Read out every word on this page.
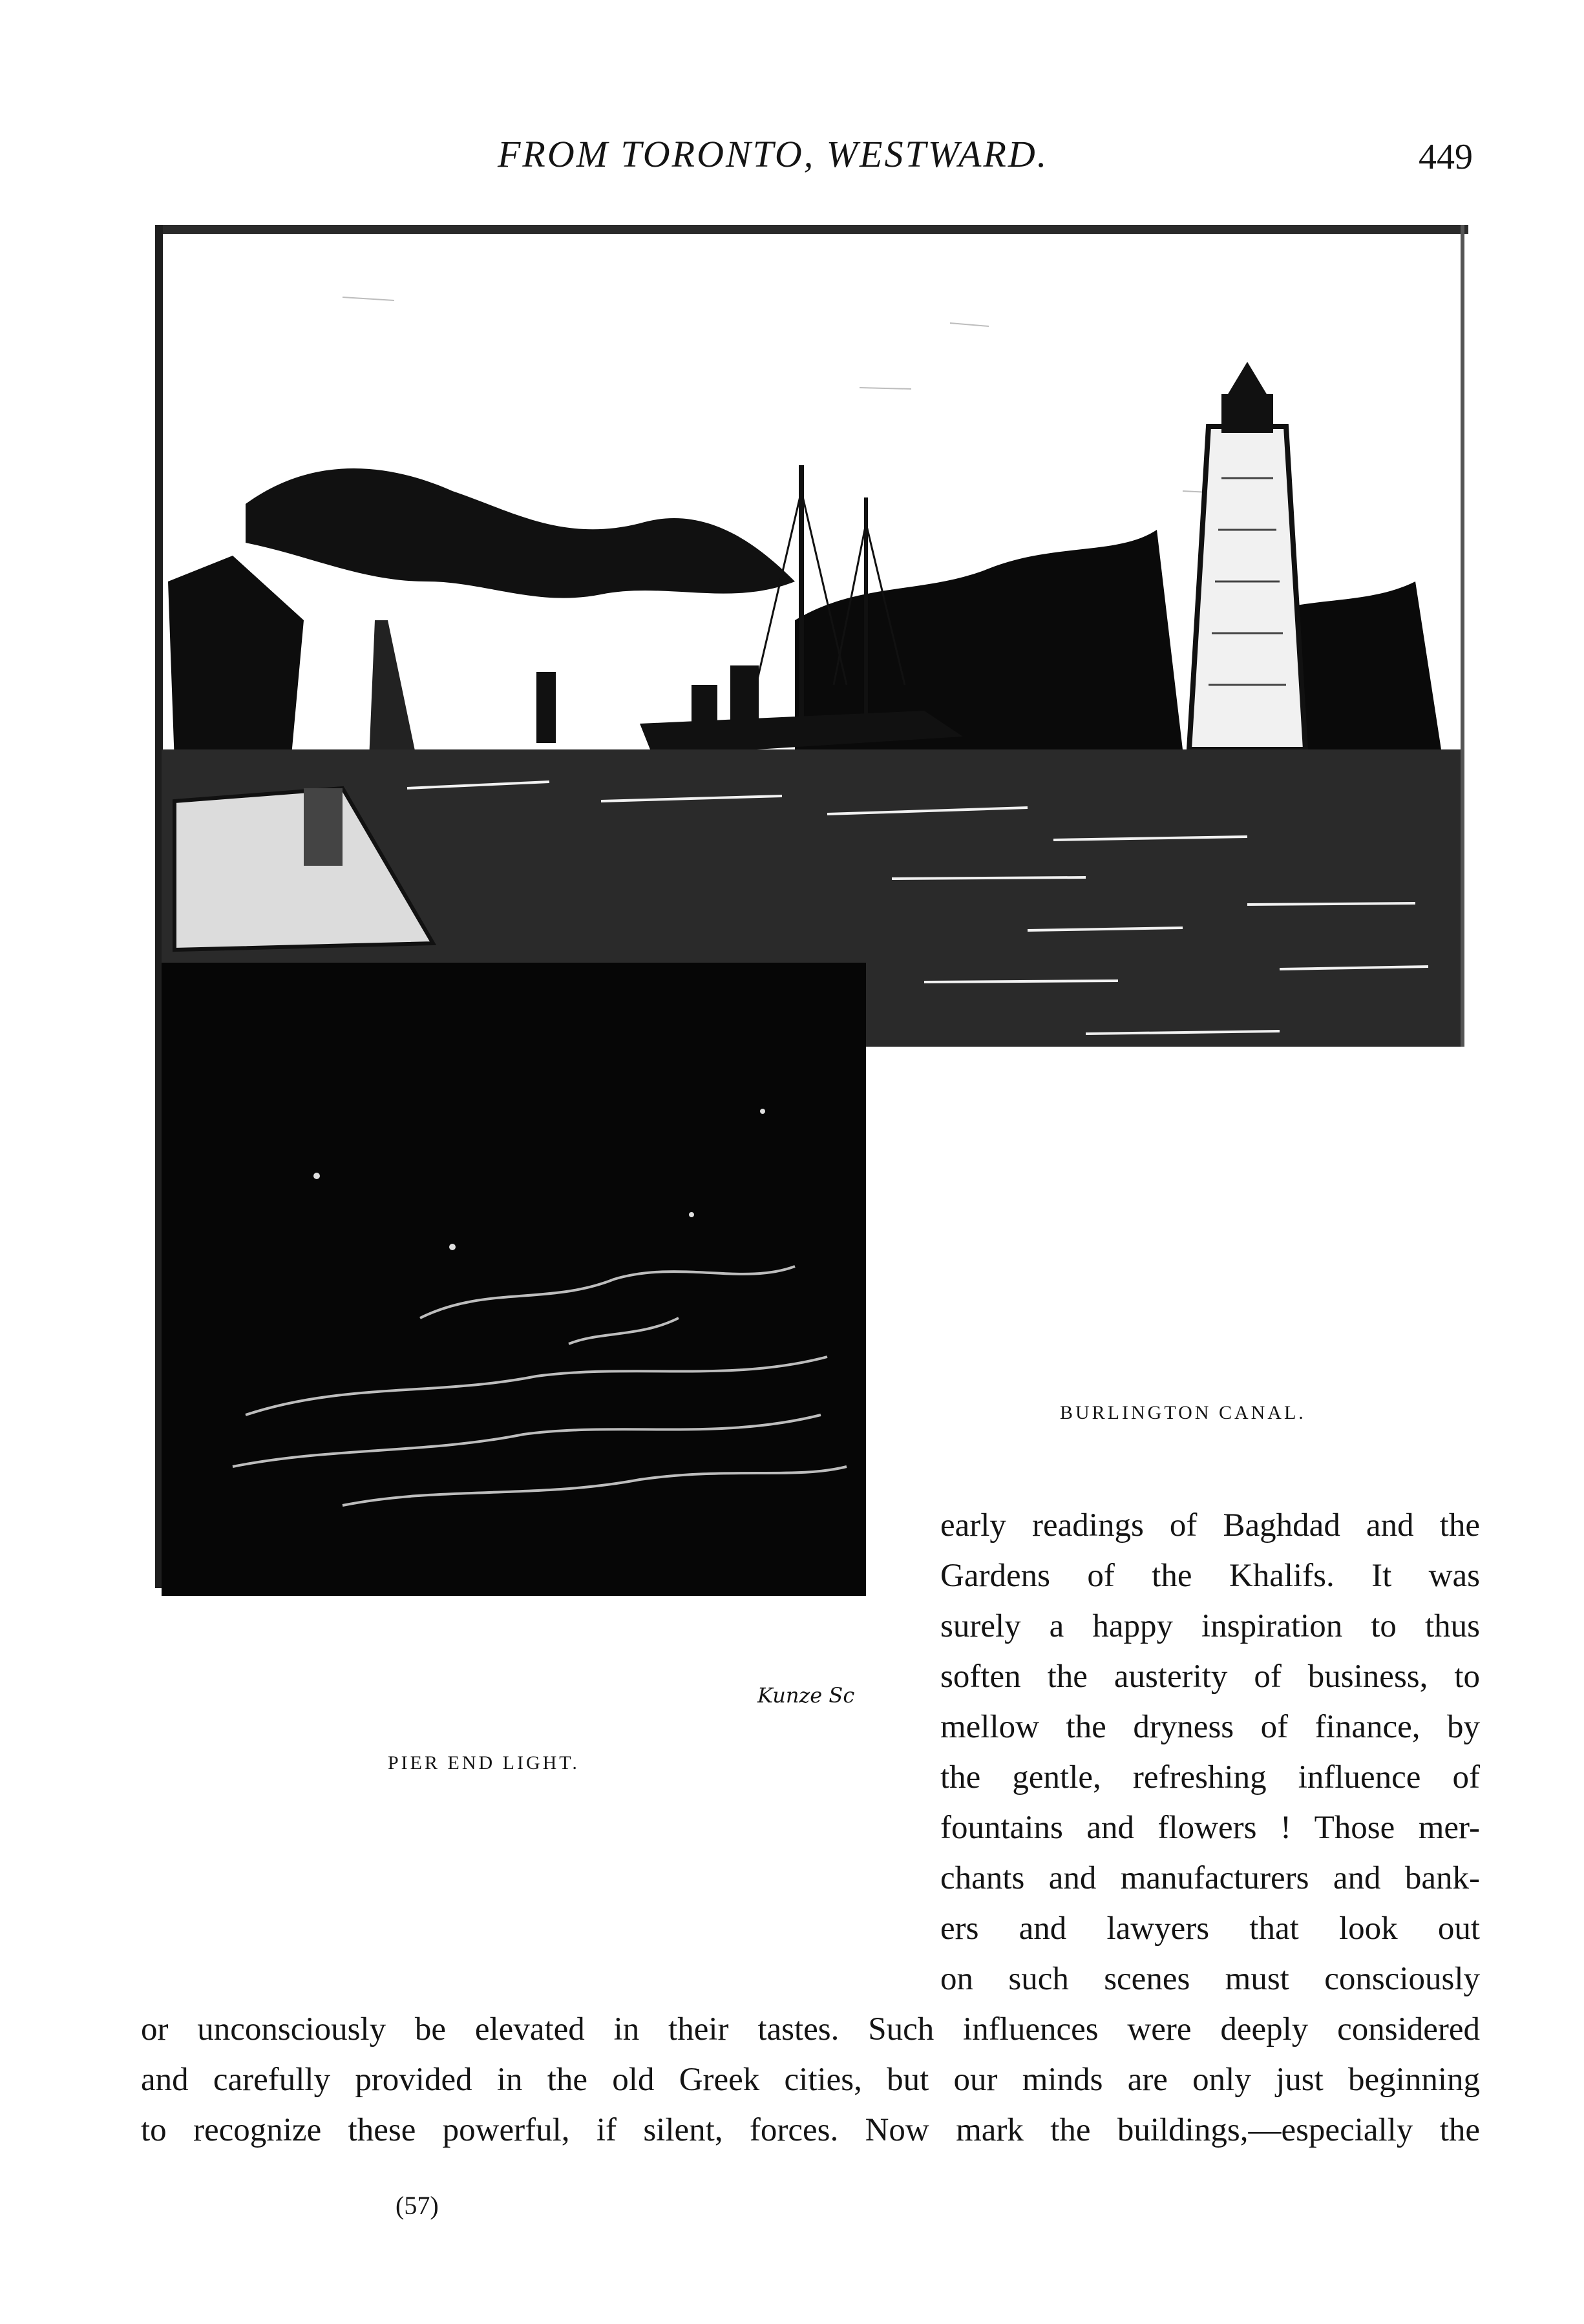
FROM TORONTO, WESTWARD.	449
BURLINGTON CANAL.
Kunze Sc
PIER END LIGHT.
early readings of Baghdad and the
Gardens of the Khalifs. It was
surely a happy inspiration to thus
soften the austerity of business, to
mellow the dryness of finance, by
the gentle, refreshing influence of
fountains and flowers ! Those mer-
chants and manufacturers and bank-
ers and lawyers that look out
on such scenes must consciously
or unconsciously be elevated in their tastes. Such influences were deeply considered
and carefully provided in the old Greek cities, but our minds are only just beginning
to recognize these powerful, if silent, forces. Now mark the buildings,—especially the
(57)
